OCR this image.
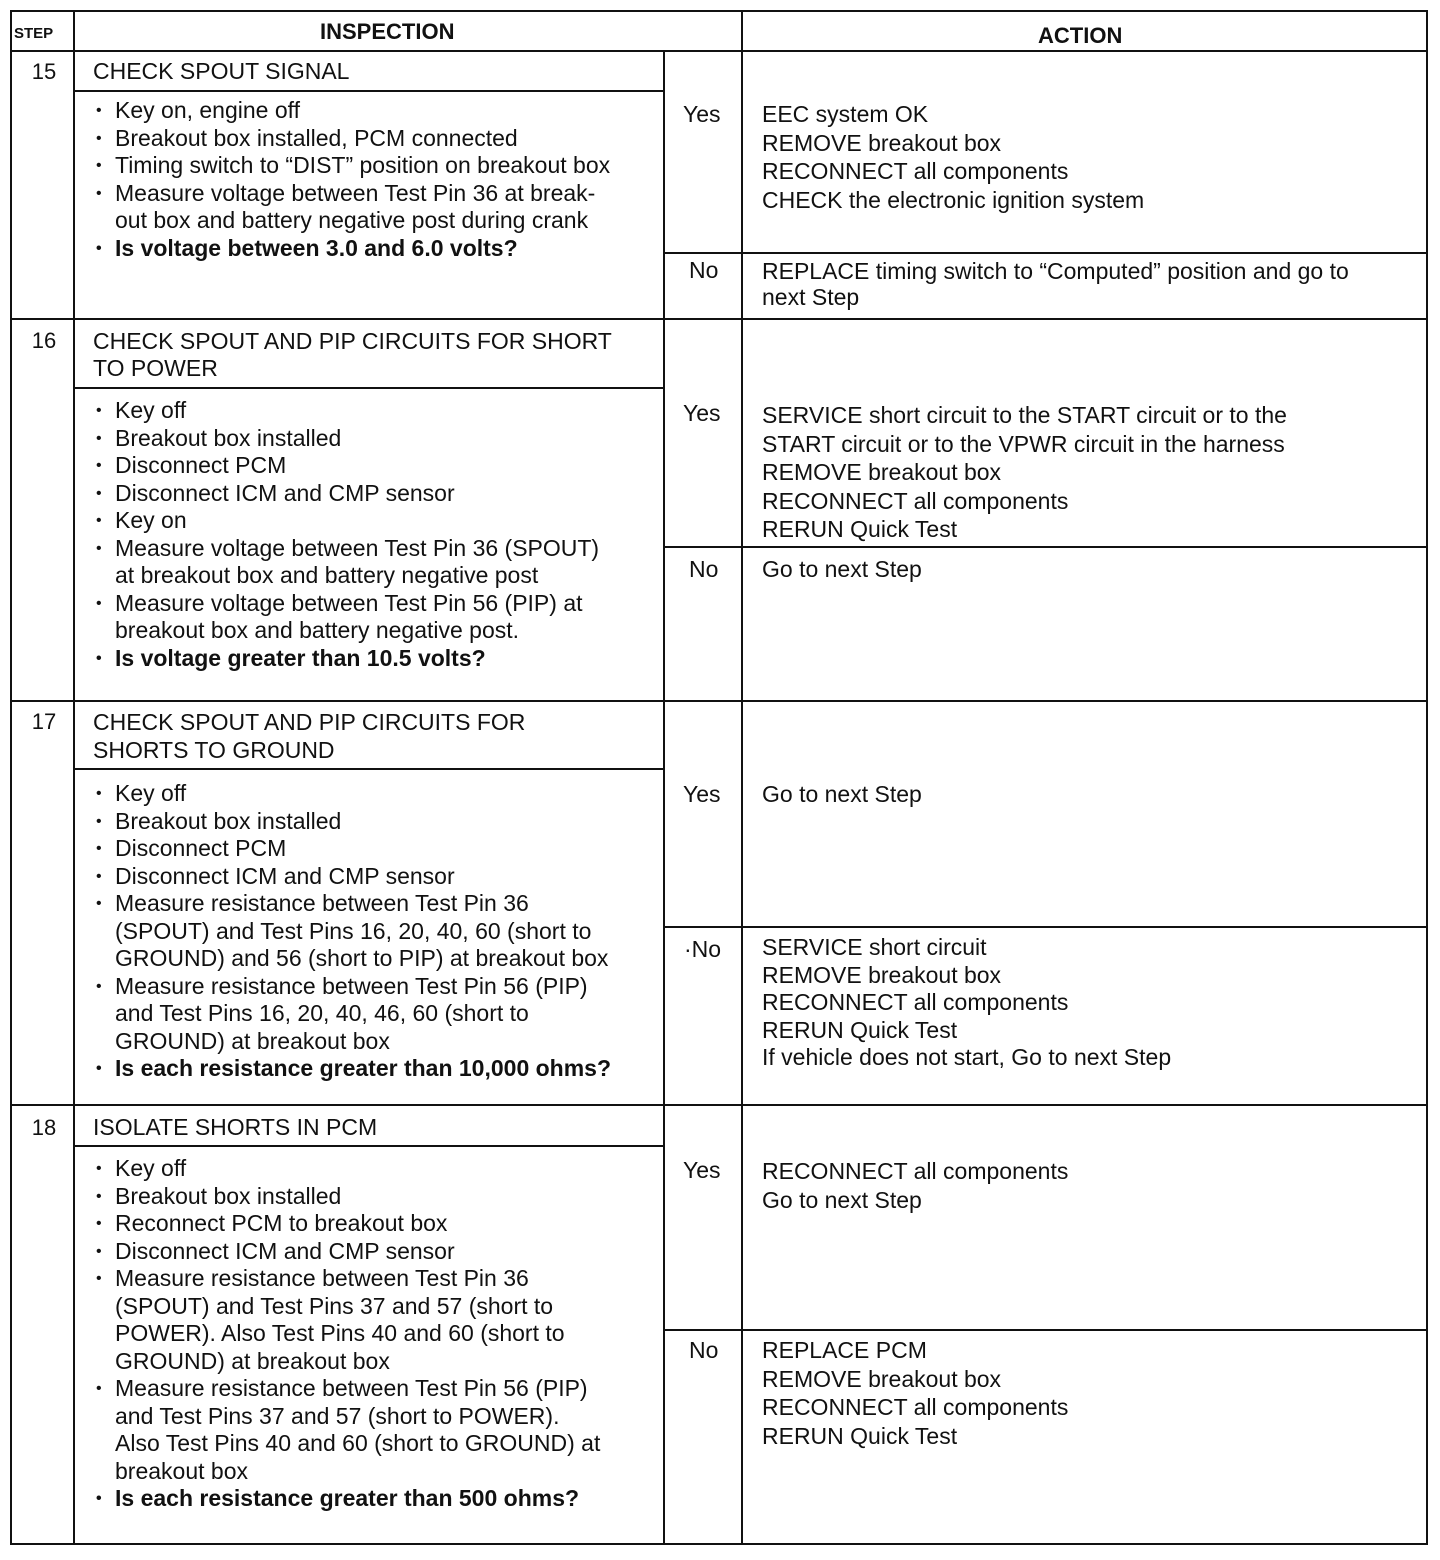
STEP	INSPECTION	ACTION
15	CHECK SPOUT SIGNAL
• Key on, engine off
• Breakout box installed, PCM connected
• Timing switch to “DIST” position on breakout box
• Measure voltage between Test Pin 36 at break-
out box and battery negative post during crank
• Is voltage between 3.0 and 6.0 volts?
Yes EEC system OK
REMOVE breakout box
RECONNECT all components
CHECK the electronic ignition system
No REPLACE timing switch to “Computed” position and go to
next Step
16	CHECK SPOUT AND PIP CIRCUITS FOR SHORT
TO POWER
• Key off
• Breakout box installed
• Disconnect PCM
• Disconnect ICM and CMP sensor
• Key on
• Measure voltage between Test Pin 36 (SPOUT)
at breakout box and battery negative post
• Measure voltage between Test Pin 56 (PIP) at
breakout box and battery negative post.
• Is voltage greater than 10.5 volts?
Yes SERVICE short circuit to the START circuit or to the
START circuit or to the VPWR circuit in the harness
REMOVE breakout box
RECONNECT all components
RERUN Quick Test
No Go to next Step
17	CHECK SPOUT AND PIP CIRCUITS FOR
SHORTS TO GROUND
• Key off
• Breakout box installed
• Disconnect PCM
• Disconnect ICM and CMP sensor
• Measure resistance between Test Pin 36
(SPOUT) and Test Pins 16, 20, 40, 60 (short to
GROUND) and 56 (short to PIP) at breakout box
• Measure resistance between Test Pin 56 (PIP)
and Test Pins 16, 20, 40, 46, 60 (short to
GROUND) at breakout box
• Is each resistance greater than 10,000 ohms?
Yes Go to next Step
·No SERVICE short circuit
REMOVE breakout box
RECONNECT all components
RERUN Quick Test
If vehicle does not start, Go to next Step
18	ISOLATE SHORTS IN PCM
• Key off
• Breakout box installed
• Reconnect PCM to breakout box
• Disconnect ICM and CMP sensor
• Measure resistance between Test Pin 36
(SPOUT) and Test Pins 37 and 57 (short to
POWER). Also Test Pins 40 and 60 (short to
GROUND) at breakout box
• Measure resistance between Test Pin 56 (PIP)
and Test Pins 37 and 57 (short to POWER).
Also Test Pins 40 and 60 (short to GROUND) at
breakout box
• Is each resistance greater than 500 ohms?
Yes RECONNECT all components
Go to next Step
No REPLACE PCM
REMOVE breakout box
RECONNECT all components
RERUN Quick Test
